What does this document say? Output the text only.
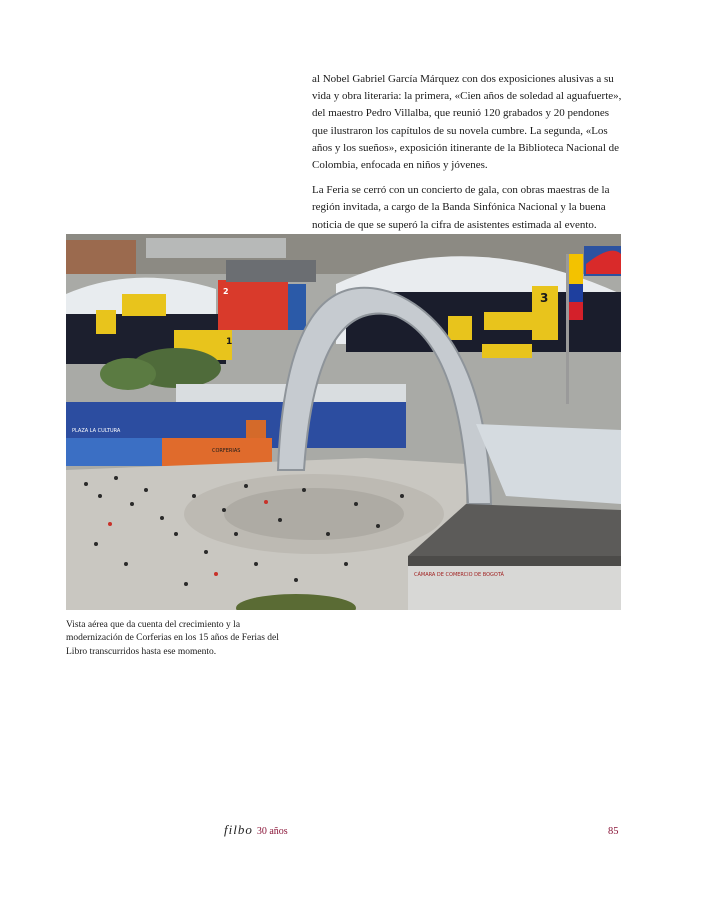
al Nobel Gabriel García Márquez con dos exposiciones alusivas a su vida y obra literaria: la primera, «Cien años de soledad al aguafuerte», del maestro Pedro Villalba, que reunió 120 grabados y 20 pendones que ilustraron los capítulos de su novela cumbre. La segunda, «Los años y los sueños», exposición itinerante de la Biblioteca Nacional de Colombia, enfocada en niños y jóvenes.

La Feria se cerró con un concierto de gala, con obras maestras de la región invitada, a cargo de la Banda Sinfónica Nacional y la buena noticia de que se superó la cifra de asistentes estimada al evento.

3
1
2
CORFERIAS
PLAZA LA CULTURA
CÁMARA DE COMERCIO DE BOGOTÁ
Vista aérea que da cuenta del crecimiento y la modernización de Corferias en los 15 años de Ferias del Libro transcurridos hasta ese momento.
filbo 30 años	85
